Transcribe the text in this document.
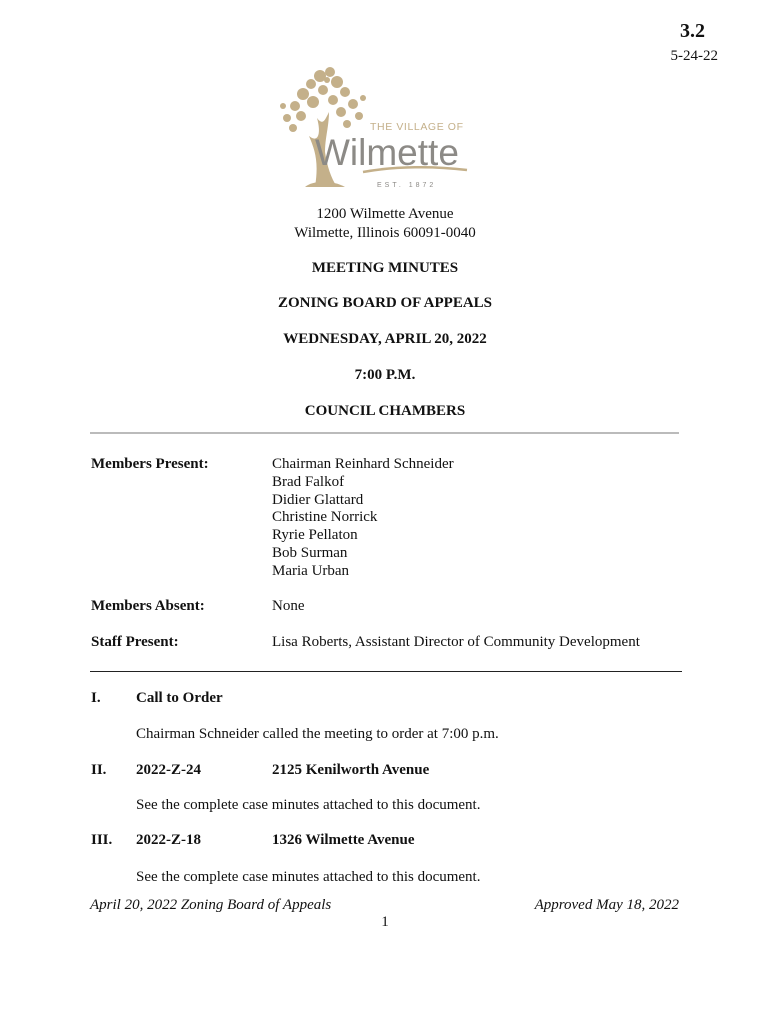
3.2
5-24-22
THE VILLAGE OF
Wilmette
EST. 1872
1200 Wilmette Avenue
Wilmette, Illinois 60091-0040
MEETING MINUTES
ZONING BOARD OF APPEALS
WEDNESDAY, APRIL 20, 2022
7:00 P.M.
COUNCIL CHAMBERS
Members Present:	Chairman Reinhard Schneider
Brad Falkof
Didier Glattard
Christine Norrick
Ryrie Pellaton
Bob Surman
Maria Urban
Members Absent:	None
Staff Present:	Lisa Roberts, Assistant Director of Community Development
I. Call to Order
Chairman Schneider called the meeting to order at 7:00 p.m.
II. 2022-Z-24	2125 Kenilworth Avenue
See the complete case minutes attached to this document.
III. 2022-Z-18	1326 Wilmette Avenue
See the complete case minutes attached to this document.
April 20, 2022 Zoning Board of Appeals	Approved May 18, 2022
1
